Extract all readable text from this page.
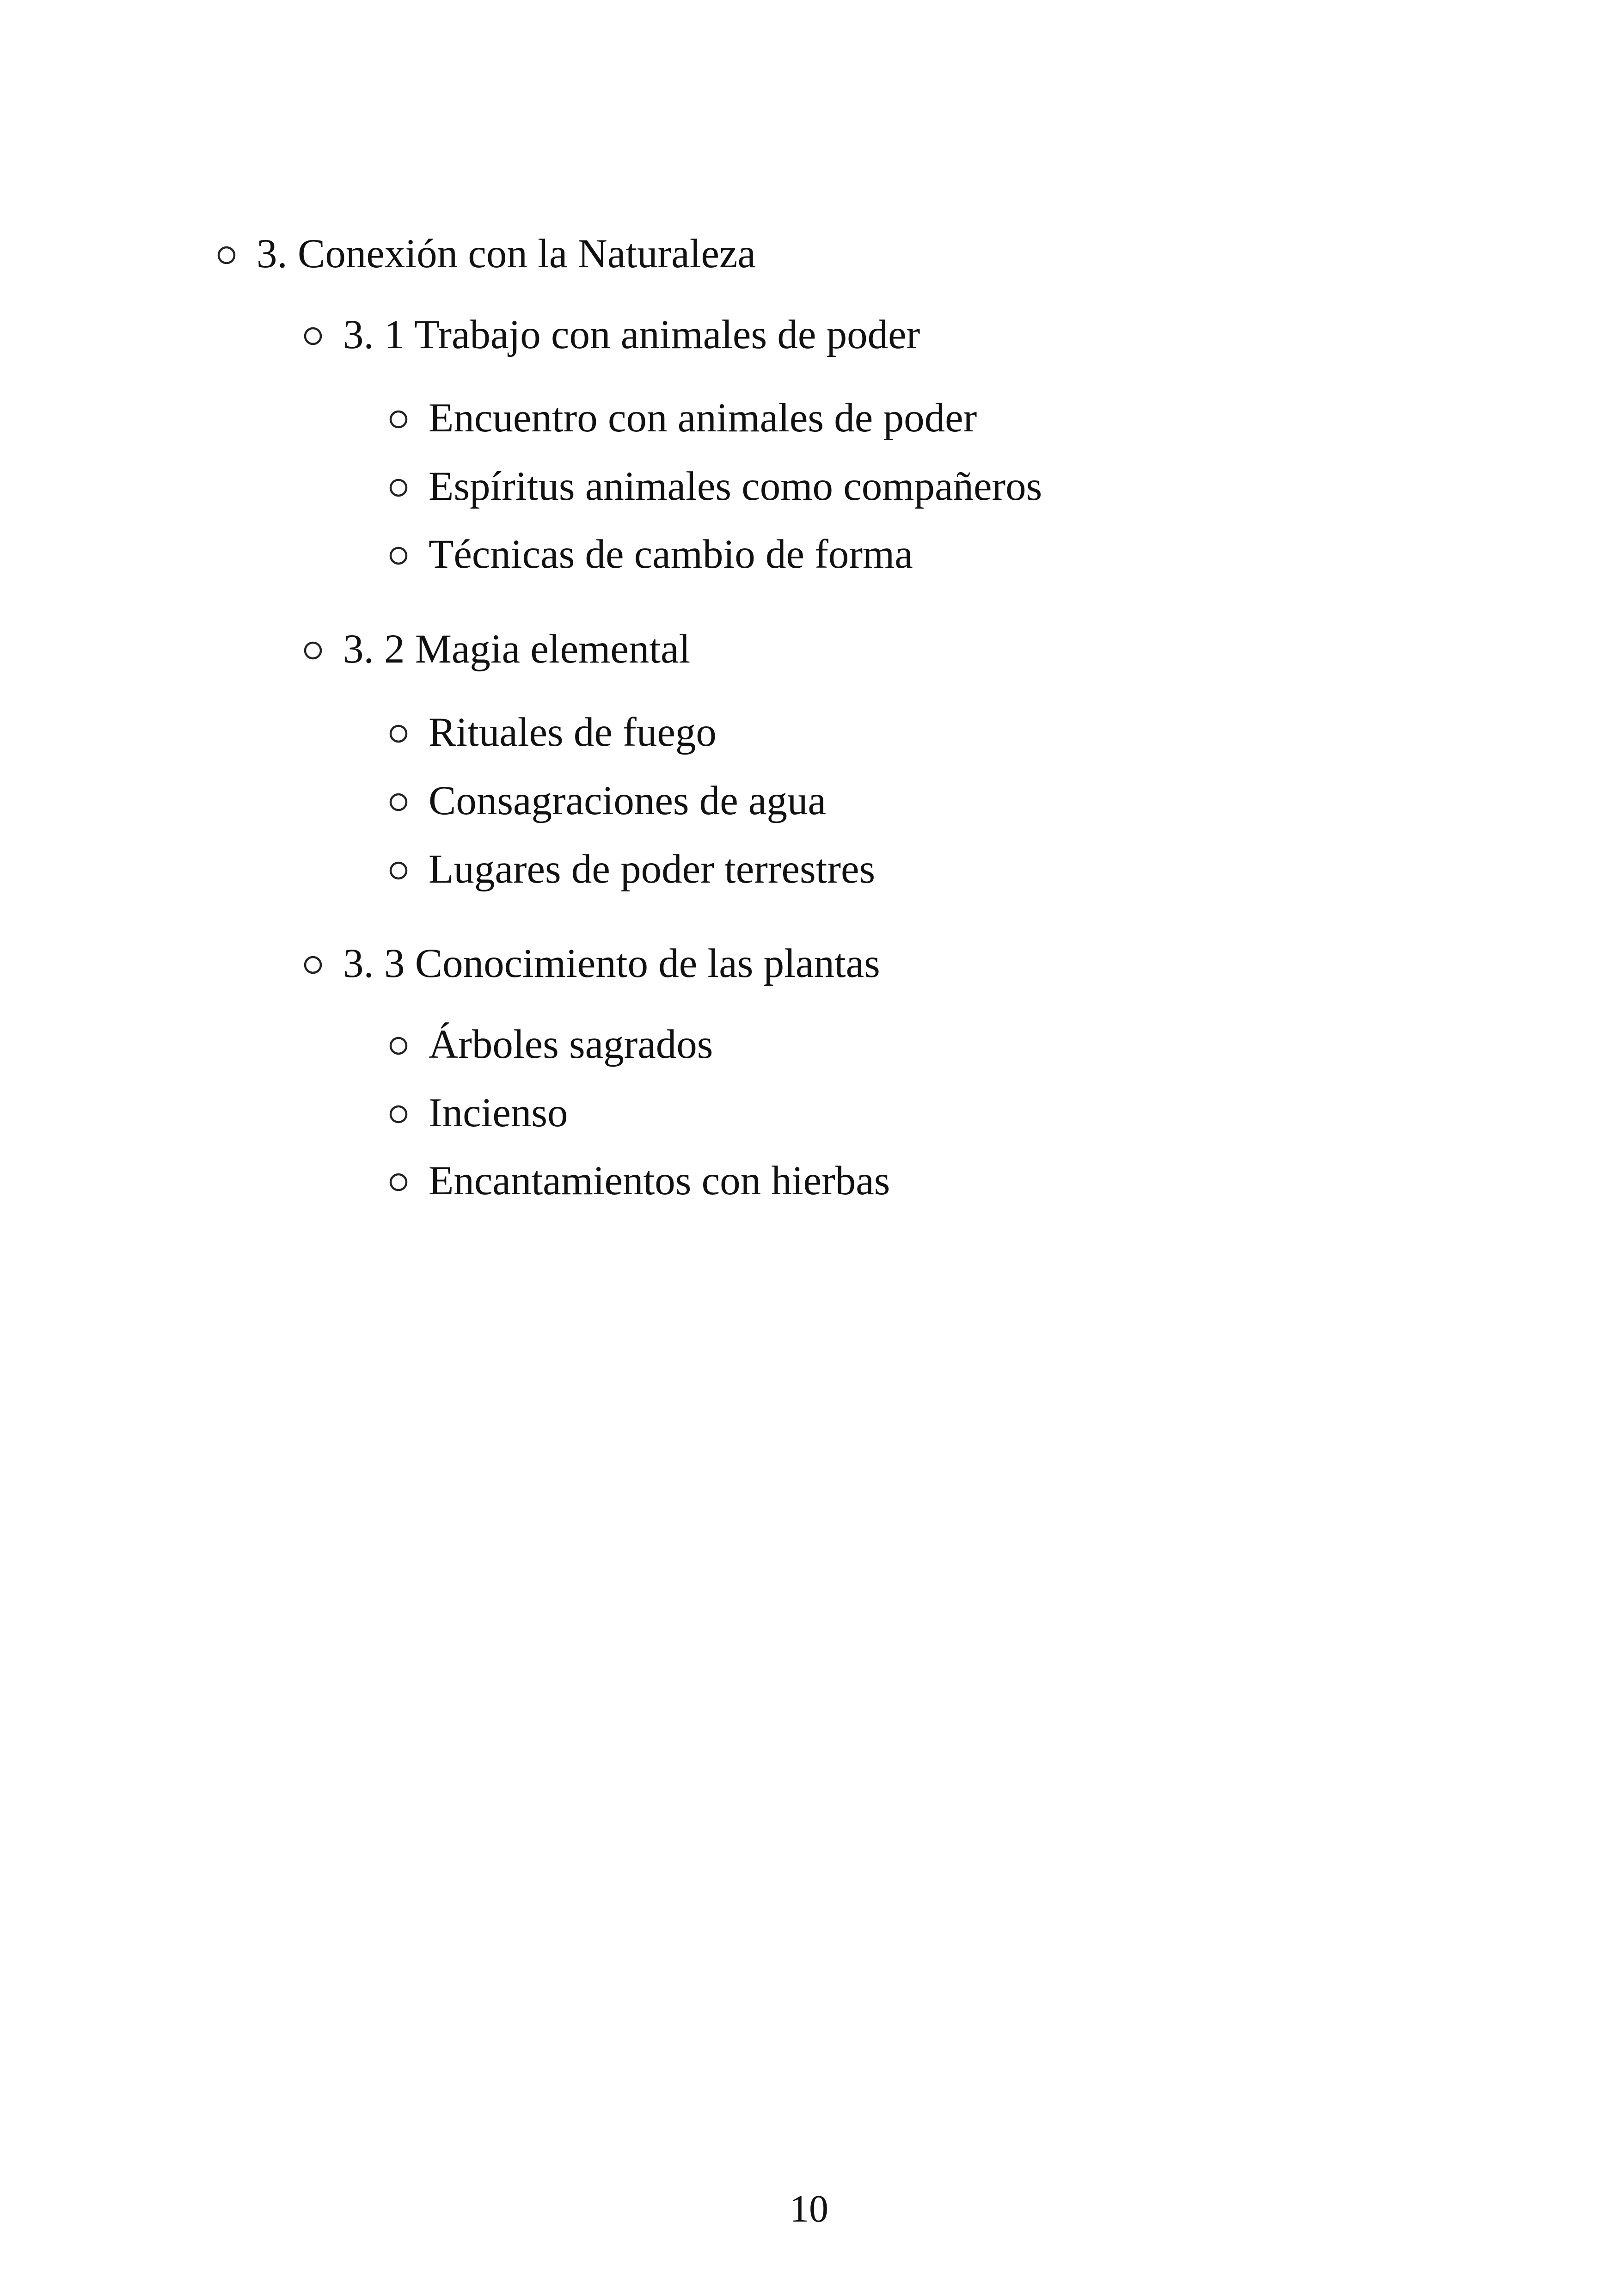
3. Conexión con la Naturaleza
3. 1 Trabajo con animales de poder
Encuentro con animales de poder
Espíritus animales como compañeros
Técnicas de cambio de forma
3. 2 Magia elemental
Rituales de fuego
Consagraciones de agua
Lugares de poder terrestres
3. 3 Conocimiento de las plantas
Árboles sagrados
Incienso
Encantamientos con hierbas
10
